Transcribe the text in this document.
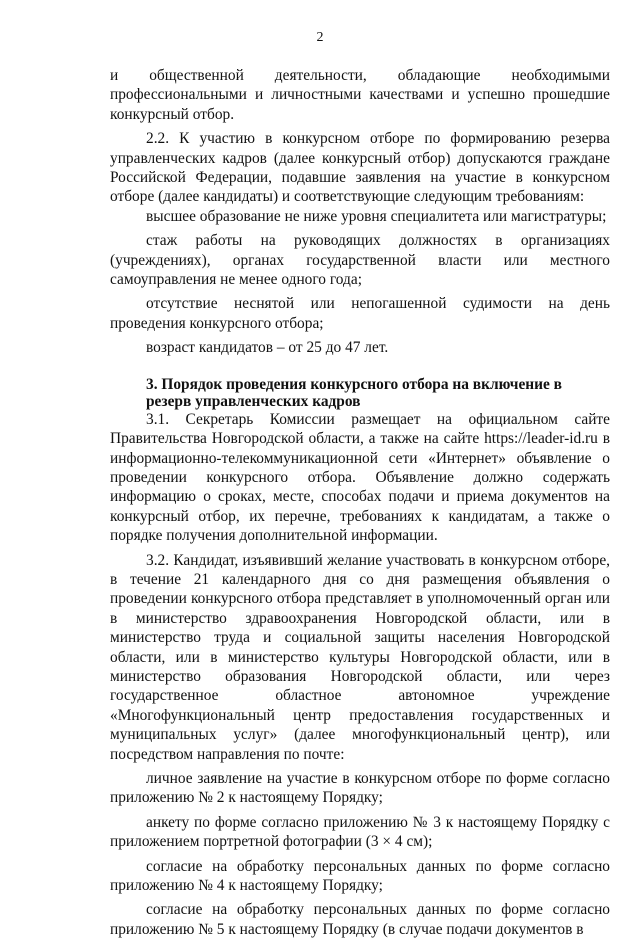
2

и общественной деятельности, обладающие необходимыми профессиональными и личностными качествами и успешно прошедшие конкурсный отбор.

2.2. К участию в конкурсном отборе по формированию резерва управленческих кадров (далее конкурсный отбор) допускаются граждане Российской Федерации, подавшие заявления на участие в конкурсном отборе (далее кандидаты) и соответствующие следующим требованиям:

высшее образование не ниже уровня специалитета или магистратуры;

стаж работы на руководящих должностях в организациях (учреждениях), органах государственной власти или местного самоуправления не менее одного года;

отсутствие неснятой или непогашенной судимости на день проведения конкурсного отбора;

возраст кандидатов – от 25 до 47 лет.

3. Порядок проведения конкурсного отбора на включение в резерв управленческих кадров

3.1. Секретарь Комиссии размещает на официальном сайте Правительства Новгородской области, а также на сайте https://leader-id.ru в информационно-телекоммуникационной сети «Интернет» объявление о проведении конкурсного отбора. Объявление должно содержать информацию о сроках, месте, способах подачи и приема документов на конкурсный отбор, их перечне, требованиях к кандидатам, а также о порядке получения дополнительной информации.

3.2. Кандидат, изъявивший желание участвовать в конкурсном отборе, в течение 21 календарного дня со дня размещения объявления о проведении конкурсного отбора представляет в уполномоченный орган или в министерство здравоохранения Новгородской области, или в министерство труда и социальной защиты населения Новгородской области, или в министерство культуры Новгородской области, или в министерство образования Новгородской области, или через государственное областное автономное учреждение «Многофункциональный центр предоставления государственных и муниципальных услуг» (далее многофункциональный центр), или посредством направления по почте:

личное заявление на участие в конкурсном отборе по форме согласно приложению № 2 к настоящему Порядку;

анкету по форме согласно приложению № 3 к настоящему Порядку с приложением портретной фотографии (3 × 4 см);

согласие на обработку персональных данных по форме согласно приложению № 4 к настоящему Порядку;

согласие на обработку персональных данных по форме согласно приложению № 5 к настоящему Порядку (в случае подачи документов в
